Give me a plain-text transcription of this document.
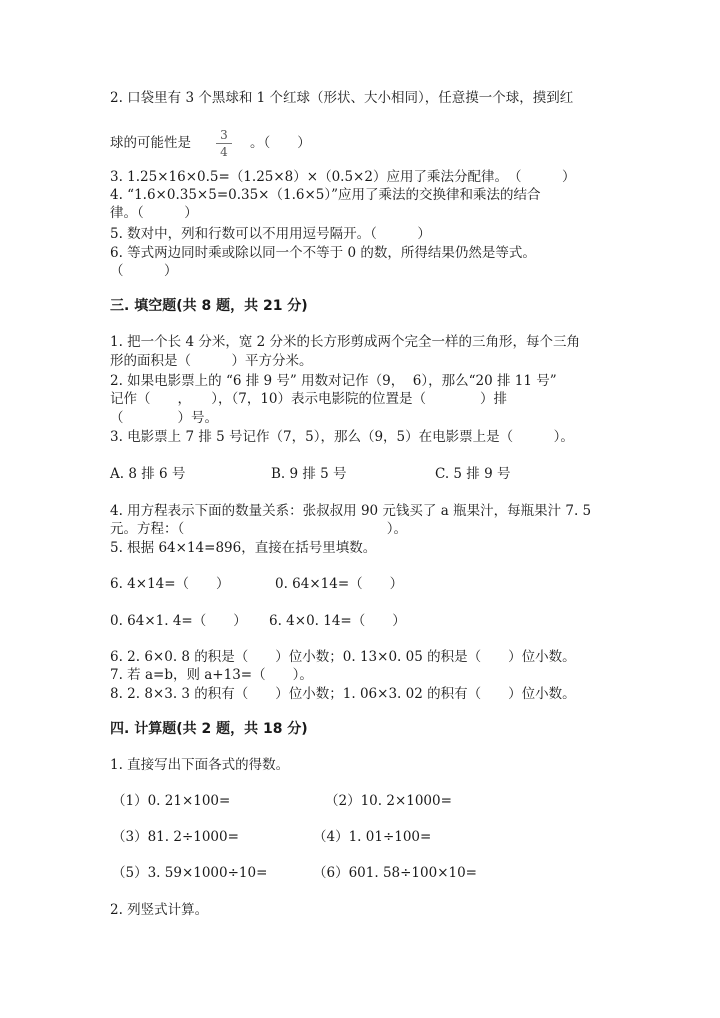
2. 口袋里有 3 个黑球和 1 个红球（形状、大小相同），任意摸一个球，摸到红
球的可能性是	3
4
。（　　）
3. 1.25×16×0.5=（1.25×8）×（0.5×2）应用了乘法分配律。　（　　　）
4. “1.6×0.35×5=0.35×（1.6×5）”应用了乘法的交换律和乘法的结合
律。（　　　）
5. 数对中，列和行数可以不用用逗号隔开。（　　　）
6. 等式两边同时乘或除以同一个不等于 0 的数，所得结果仍然是等式。
（　　　）
三. 填空题(共 8 题，共 21 分)
1. 把一个长 4 分米，宽 2 分米的长方形剪成两个完全一样的三角形，每个三角
形的面积是（　　　）平方分米。
2. 如果电影票上的 “6 排 9 号” 用数对记作（9，  6），那么“20 排 11 号”
记作（　　，　　），（7，10）表示电影院的位置是（　　　　）排
（　　　　）号。
3. 电影票上 7 排 5 号记作（7，5），那么（9，5）在电影票上是（　　　）。
A. 8 排 6 号	B. 9 排 5 号	C. 5 排 9 号
4. 用方程表示下面的数量关系：张叔叔用 90 元钱买了 a 瓶果汁，每瓶果汁 7. 5
元。方程：（　　　　　　　　　　　　　　　）。
5. 根据 64×14=896，直接在括号里填数。
6. 4×14=（　　）	0. 64×14=（　　）
0. 64×1. 4=（　　） 6. 4×0. 14=（　　）
6. 2. 6×0. 8 的积是（　　）位小数；0. 13×0. 05 的积是（　　）位小数。
7. 若 a=b，则 a+13=（　　）。
8. 2. 8×3. 3 的积有（　　）位小数；1. 06×3. 02 的积有（　　）位小数。
四. 计算题(共 2 题，共 18 分)
1. 直接写出下面各式的得数。
（1）0. 21×100=	（2）10. 2×1000=
（3）81. 2÷1000=	（4）1. 01÷100=
（5）3. 59×1000÷10=	（6）601. 58÷100×10=
2. 列竖式计算。
